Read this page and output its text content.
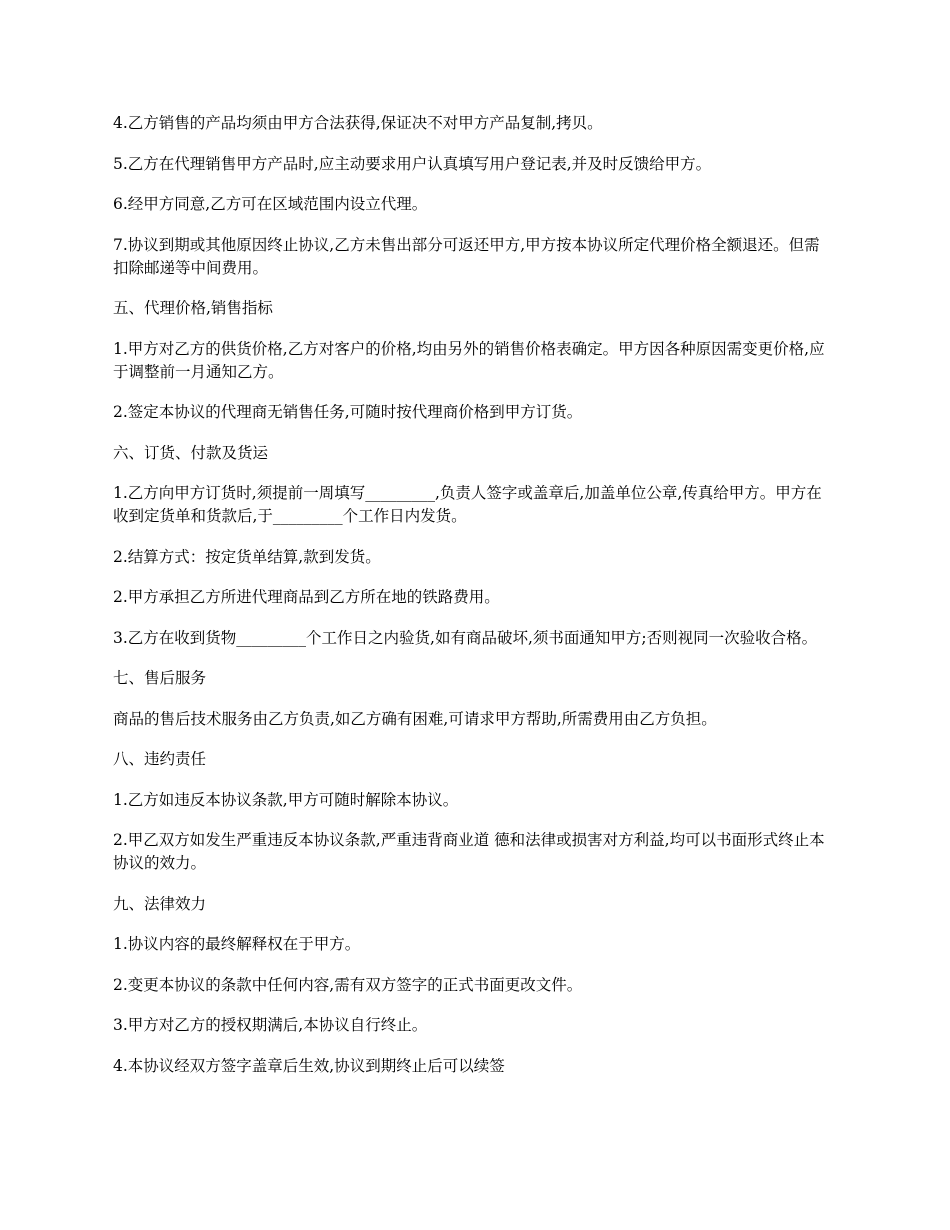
4.乙方销售的产品均须由甲方合法获得,保证决不对甲方产品复制,拷贝。

5.乙方在代理销售甲方产品时,应主动要求用户认真填写用户登记表,并及时反馈给甲方。

6.经甲方同意,乙方可在区域范围内设立代理。

7.协议到期或其他原因终止协议,乙方未售出部分可返还甲方,甲方按本协议所定代理价格全额退还。但需扣除邮递等中间费用。

五、代理价格,销售指标

1.甲方对乙方的供货价格,乙方对客户的价格,均由另外的销售价格表确定。甲方因各种原因需变更价格,应于调整前一月通知乙方。

2.签定本协议的代理商无销售任务,可随时按代理商价格到甲方订货。

六、订货、付款及货运

1.乙方向甲方订货时,须提前一周填写_________,负责人签字或盖章后,加盖单位公章,传真给甲方。甲方在收到定货单和货款后,于_________个工作日内发货。

2.结算方式：按定货单结算,款到发货。

2.甲方承担乙方所进代理商品到乙方所在地的铁路费用。

3.乙方在收到货物_________个工作日之内验货,如有商品破坏,须书面通知甲方;否则视同一次验收合格。

七、售后服务

商品的售后技术服务由乙方负责,如乙方确有困难,可请求甲方帮助,所需费用由乙方负担。

八、违约责任

1.乙方如违反本协议条款,甲方可随时解除本协议。

2.甲乙双方如发生严重违反本协议条款,严重违背商业道 德和法律或损害对方利益,均可以书面形式终止本协议的效力。

九、法律效力

1.协议内容的最终解释权在于甲方。

2.变更本协议的条款中任何内容,需有双方签字的正式书面更改文件。

3.甲方对乙方的授权期满后,本协议自行终止。

4.本协议经双方签字盖章后生效,协议到期终止后可以续签
